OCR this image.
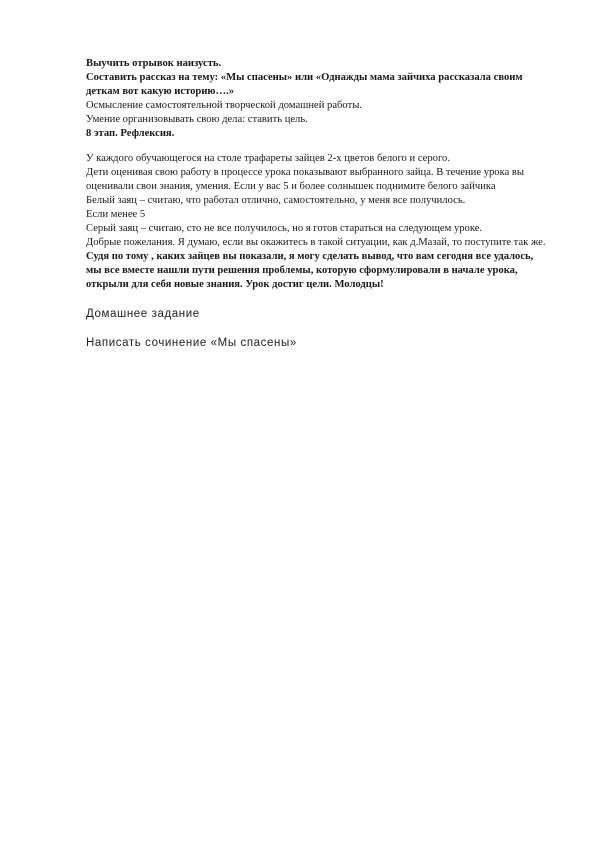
Выучить отрывок наизусть.

Составить рассказ на тему: «Мы спасены» или «Однажды мама зайчиха рассказала своим деткам вот какую историю….»

Осмысление самостоятельной творческой домашней работы.

Умение организовывать свою дела: ставить цель.

8 этап. Рефлексия.

У каждого обучающегося на столе трафареты зайцев 2-х цветов белого и серого.

Дети оценивая свою работу в процессе урока показывают выбранного зайца. В течение урока вы оценивали свои знания, умения. Если у вас 5 и более солнышек поднимите белого зайчика

Белый заяц – считаю, что работал отлично, самостоятельно, у меня все получилось.

Если менее 5

Серый заяц – считаю, сто не все получилось, но я готов стараться на следующем уроке.

Добрые пожелания. Я думаю, если вы окажитесь в такой ситуации, как д.Мазай, то поступите так же.

Судя по тому , каких зайцев вы показали, я могу сделать вывод, что вам сегодня все удалось, мы все вместе нашли пути решения проблемы, которую сформулировали в начале урока, открыли для себя новые знания. Урок достиг цели. Молодцы!

Домашнее задание

Написать сочинение «Мы спасены»
